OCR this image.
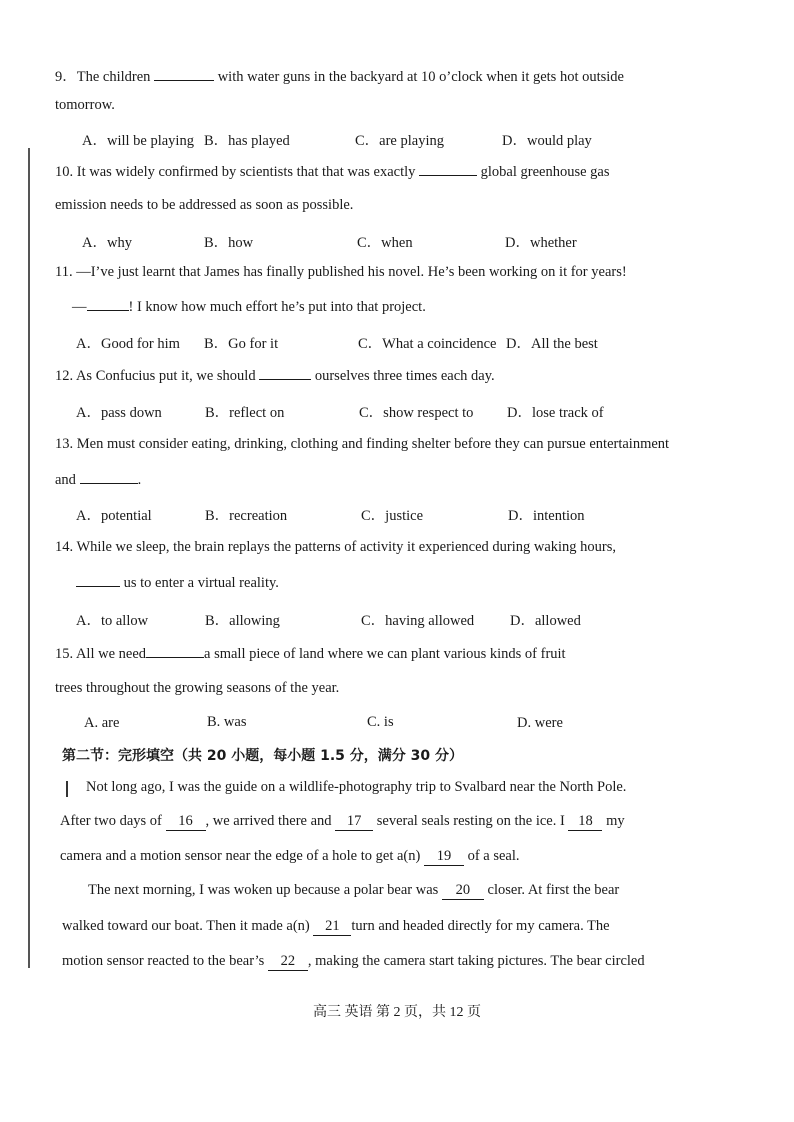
9．The children	with water guns in the backyard at 10 o’clock when it gets hot outside
tomorrow.
A．will be playing B．has played	C．are playing	D．would play
10. It was widely confirmed by scientists that that was exactly	global greenhouse gas
emission needs to be addressed as soon as possible.
A．why	B．how	C．when	D．whether
11. —I’ve just learnt that James has finally published his novel. He’s been working on it for years!
—	! I know how much effort he’s put into that project.
A．Good for him B．Go for it	C．What a coincidence D．All the best
12. As Confucius put it, we should	ourselves three times each day.
A．pass down	B．reflect on	C．show respect to D．lose track of
13. Men must consider eating, drinking, clothing and finding shelter before they can pursue entertainment
and	.
A．potential	B．recreation	C．justice	D．intention
14. While we sleep, the brain replays the patterns of activity it experienced during waking hours,
us to enter a virtual reality.
A．to allow	B．allowing	C．having allowed D．allowed
15. All we need	a small piece of land where we can plant various kinds of fruit
trees throughout the growing seasons of the year.
A. are	B. was	C. is	D. were
第二节：完形填空（共 20 小题，每小题 1.5 分，满分 30 分）
Not long ago, I was the guide on a wildlife-photography trip to Svalbard near the North Pole.
After two days of 16 , we arrived there and 17 several seals resting on the ice. I 18 my
camera and a motion sensor near the edge of a hole to get a(n) 19 of a seal.
The next morning, I was woken up because a polar bear was 20 closer. At first the bear
walked toward our boat. Then it made a(n) 21 turn and headed directly for my camera. The
motion sensor reacted to the bear’s 22 , making the camera start taking pictures. The bear circled
高三 英语 第 2 页，共 12 页
